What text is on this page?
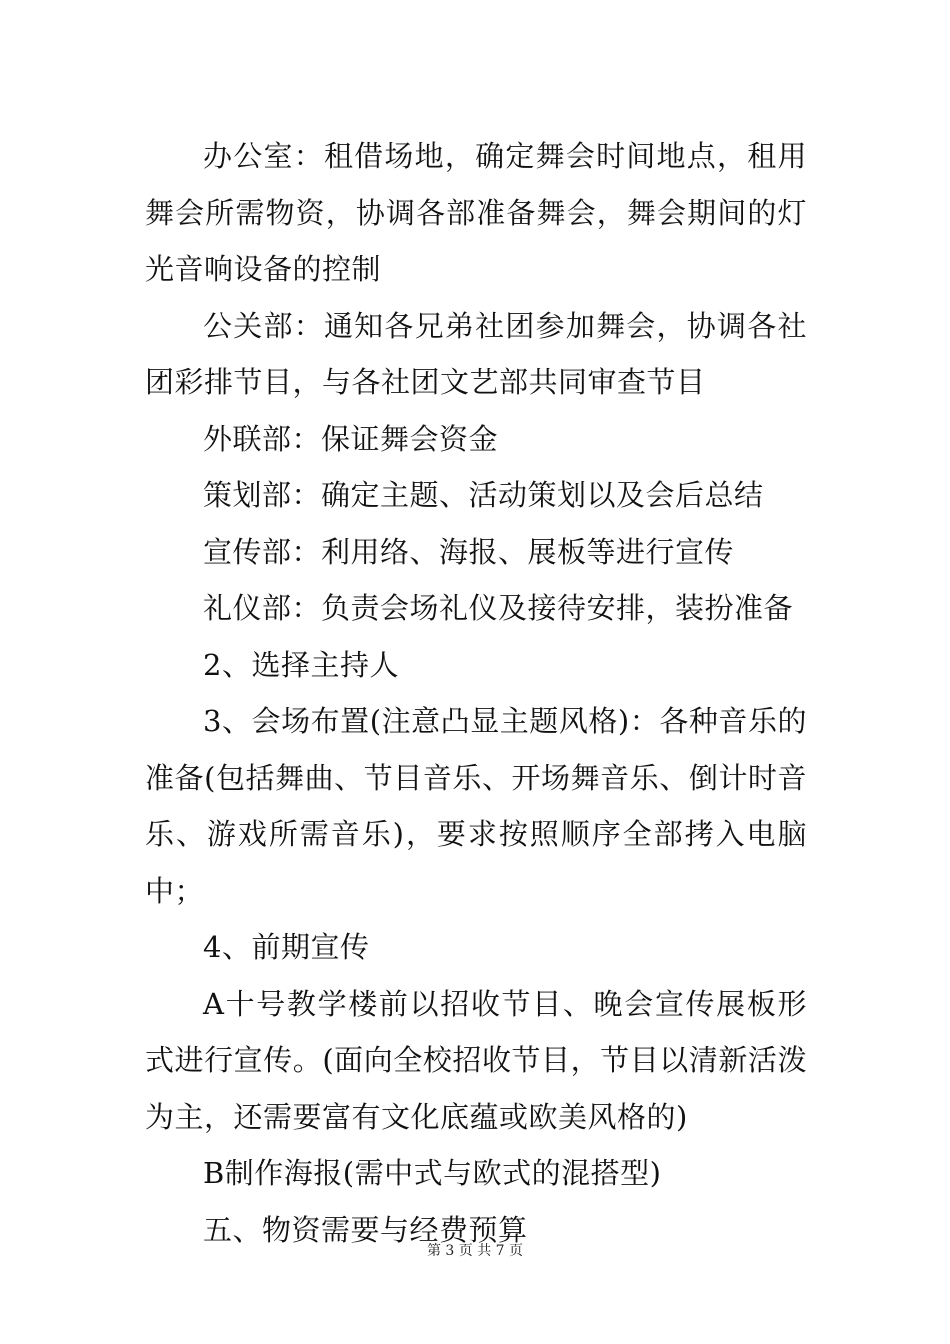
办公室：租借场地，确定舞会时间地点，租用舞会所需物资，协调各部准备舞会，舞会期间的灯光音响设备的控制

公关部：通知各兄弟社团参加舞会，协调各社团彩排节目，与各社团文艺部共同审查节目

外联部：保证舞会资金

策划部：确定主题、活动策划以及会后总结

宣传部：利用络、海报、展板等进行宣传

礼仪部：负责会场礼仪及接待安排，装扮准备

2、选择主持人

3、会场布置(注意凸显主题风格)：各种音乐的准备(包括舞曲、节目音乐、开场舞音乐、倒计时音乐、游戏所需音乐)，要求按照顺序全部拷入电脑中；

4、前期宣传

A十号教学楼前以招收节目、晚会宣传展板形式进行宣传。(面向全校招收节目，节目以清新活泼为主，还需要富有文化底蕴或欧美风格的)

B制作海报(需中式与欧式的混搭型)

五、物资需要与经费预算

第 3 页 共 7 页
